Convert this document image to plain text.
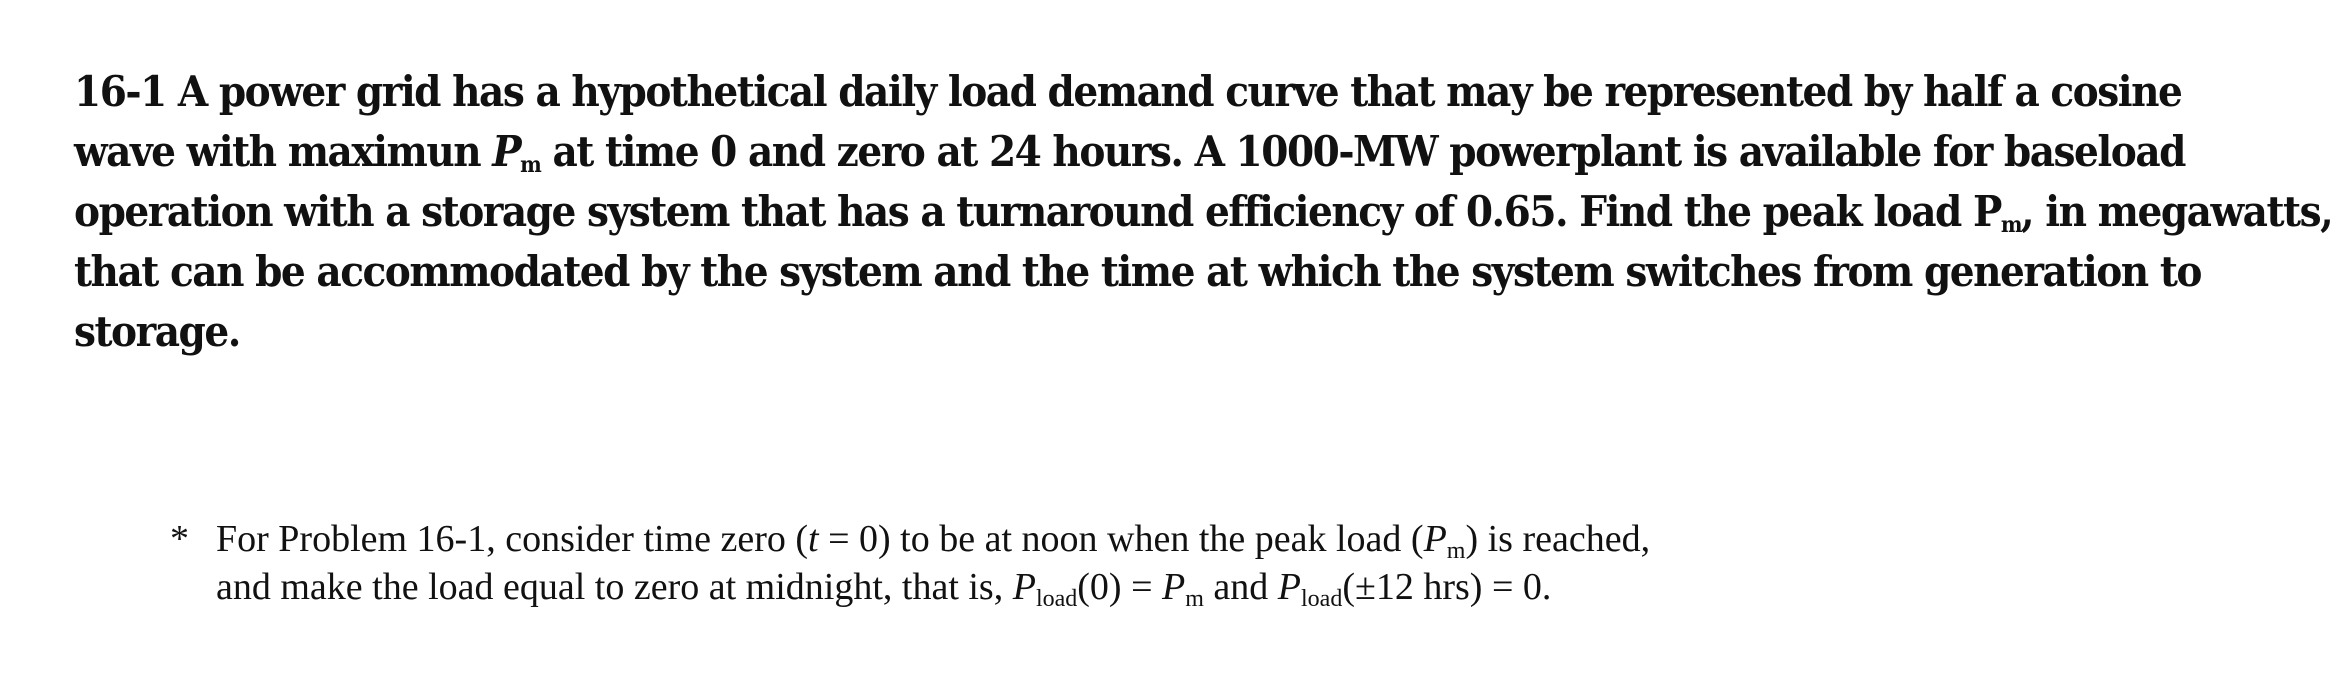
16-1 A power grid has a hypothetical daily load demand curve that may be represented by half a cosine
wave with maximun $P_m$ at time 0 and zero at 24 hours. A 1000-MW powerplant is available for baseload
operation with a storage system that has a turnaround efficiency of 0.65. Find the peak load $P_m$, in megawatts,
that can be accommodated by the system and the time at which the system switches from generation to
storage.
* For Problem 16-1, consider time zero (t = 0) to be at noon when the peak load $(P_m)$ is reached,
and make the load equal to zero at midnight, that is, $P_{load}(0) = P_m$ and $P_{load}(\pm 12$ hrs) = 0.
